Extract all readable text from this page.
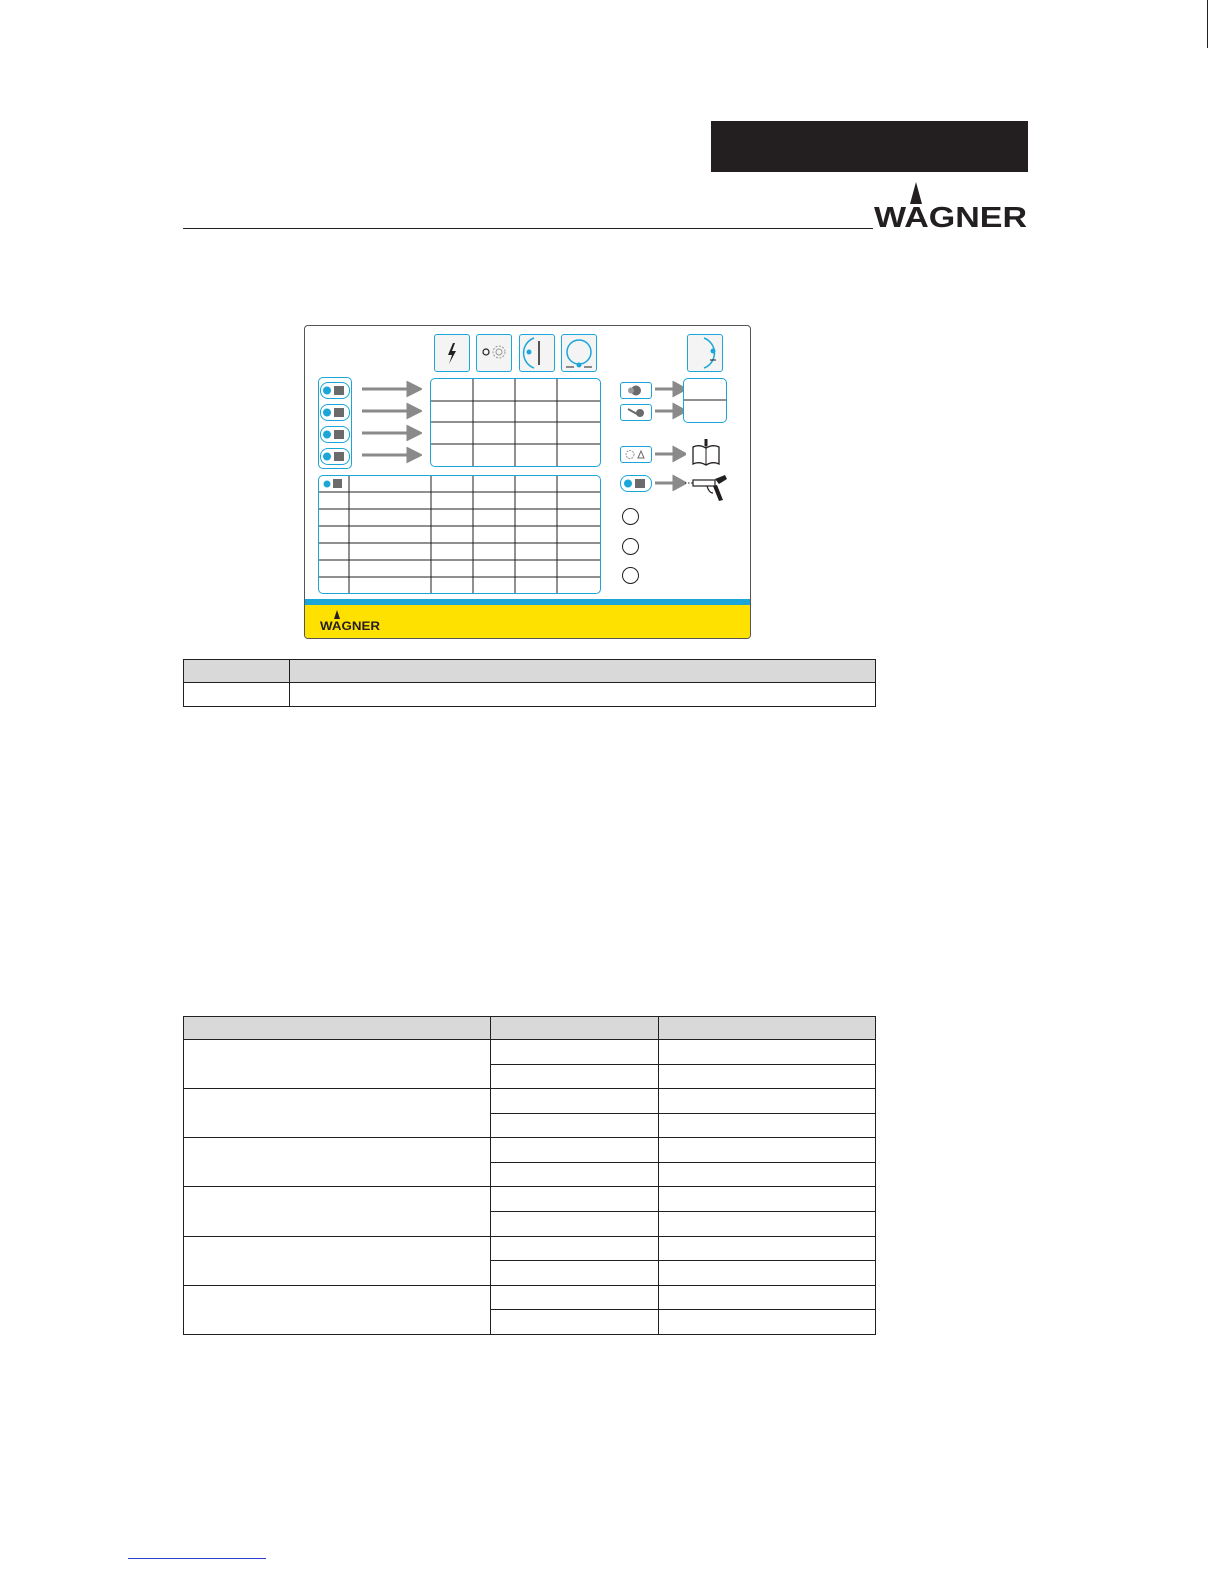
WAGNER
WAGNER
